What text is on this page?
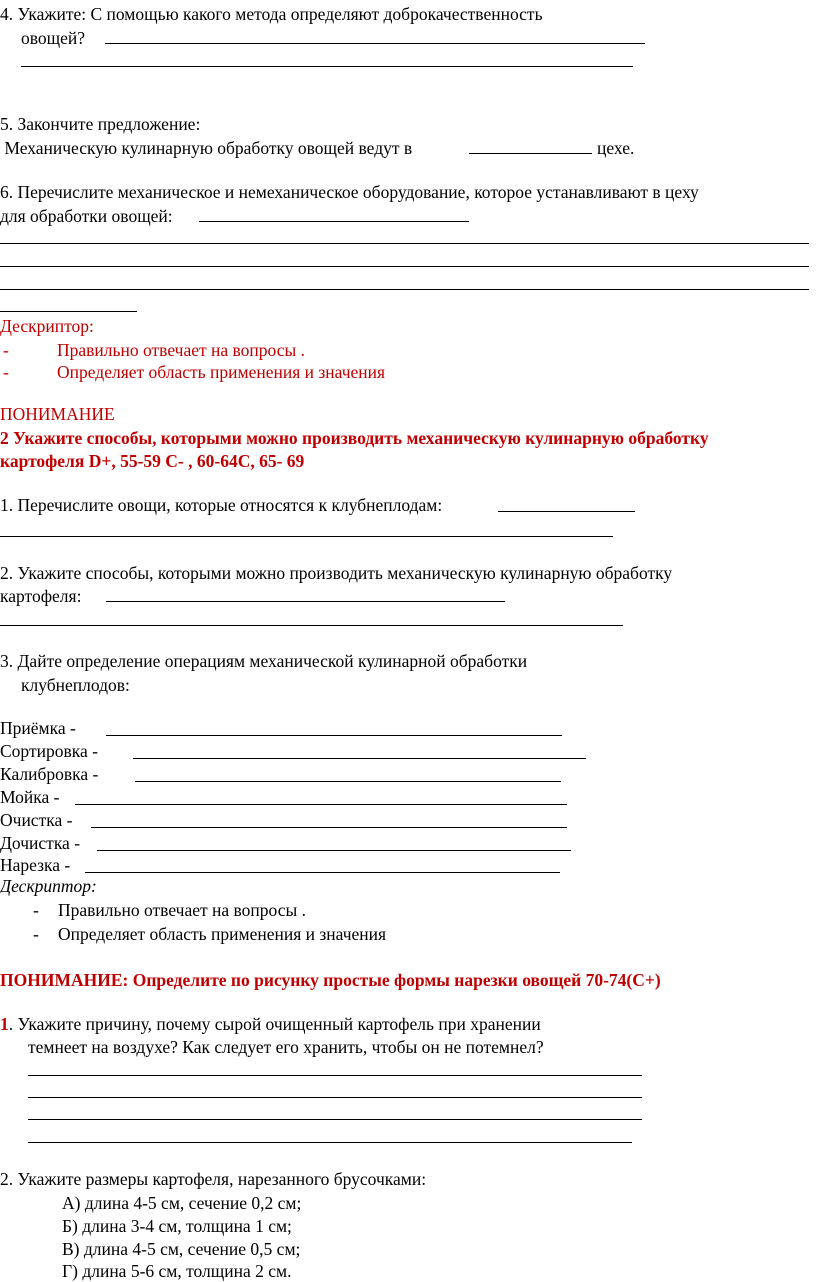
4. Укажите: С помощью какого метода определяют доброкачественность
овощей?
5. Закончите предложение:
Механическую кулинарную обработку овощей ведут в	цехе.
6. Перечислите механическое и немеханическое оборудование, которое устанавливают в цеху
для обработки овощей:
Дескриптор:
-	Правильно отвечает на вопросы .
-	Определяет область применения и значения
ПОНИМАНИЕ
2 Укажите способы, которыми можно производить механическую кулинарную обработку
картофеля D+, 55-59 C- , 60-64C, 65- 69
1. Перечислите овощи, которые относятся к клубнеплодам:
2. Укажите способы, которыми можно производить механическую кулинарную обработку
картофеля:
3. Дайте определение операциям механической кулинарной обработки
клубнеплодов:
Приёмка -
Сортировка -
Калибровка -
Мойка -
Очистка -
Дочистка -
Нарезка -
Дескриптор:
- Правильно отвечает на вопросы .
- Определяет область применения и значения
ПОНИМАНИЕ: Определите по рисунку простые формы нарезки овощей 70-74(С+)
1. Укажите причину, почему сырой очищенный картофель при хранении
темнеет на воздухе? Как следует его хранить, чтобы он не потемнел?
2. Укажите размеры картофеля, нарезанного брусочками:
А) длина 4-5 см, сечение 0,2 см;
Б) длина 3-4 см, толщина 1 см;
В) длина 4-5 см, сечение 0,5 см;
Г) длина 5-6 см, толщина 2 см.
